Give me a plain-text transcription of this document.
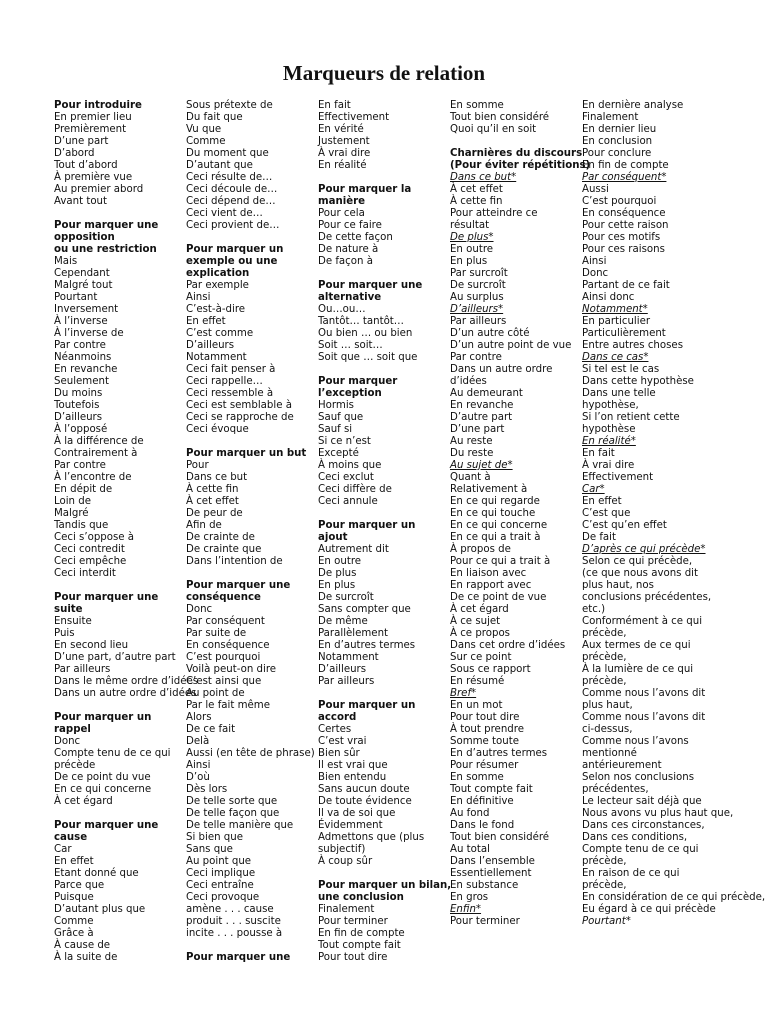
Marqueurs de relation
Pour introduire
En premier lieu
Premièrement
D’une part
D’abord
Tout d’abord
À première vue
Au premier abord
Avant tout
Pour marquer une
opposition
ou une restriction
Mais
Cependant
Malgré tout
Pourtant
Inversement
À l’inverse
À l’inverse de
Par contre
Néanmoins
En revanche
Seulement
Du moins
Toutefois
D’ailleurs
À l’opposé
À la différence de
Contrairement à
Par contre
À l’encontre de
En dépit de
Loin de
Malgré
Tandis que
Ceci s’oppose à
Ceci contredit
Ceci empêche
Ceci interdit
Pour marquer une
suite
Ensuite
Puis
En second lieu
D’une part, d’autre part
Par ailleurs
Dans le même ordre d’idées
Dans un autre ordre d’idées
Pour marquer un
rappel
Donc
Compte tenu de ce qui
précède
De ce point du vue
En ce qui concerne
À cet égard
Pour marquer une
cause
Car
En effet
Etant donné que
Parce que
Puisque
D’autant plus que
Comme
Grâce à
À cause de
À la suite de
Sous prétexte de
Du fait que
Vu que
Comme
Du moment que
D’autant que
Ceci résulte de…
Ceci découle de…
Ceci dépend de…
Ceci vient de…
Ceci provient de…
Pour marquer un
exemple ou une
explication
Par exemple
Ainsi
C’est-à-dire
En effet
C’est comme
D’ailleurs
Notamment
Ceci fait penser à
Ceci rappelle…
Ceci ressemble à
Ceci est semblable à
Ceci se rapproche de
Ceci évoque
Pour marquer un but
Pour
Dans ce but
À cette fin
À cet effet
De peur de
Afin de
De crainte de
De crainte que
Dans l’intention de
Pour marquer une
conséquence
Donc
Par conséquent
Par suite de
En conséquence
C’est pourquoi
Voilà peut-on dire
C’est ainsi que
Au point de
Par le fait même
Alors
De ce fait
Delà
Aussi (en tête de phrase)
Ainsi
D’où
Dès lors
De telle sorte que
De telle façon que
De telle manière que
Si bien que
Sans que
Au point que
Ceci implique
Ceci entraîne
Ceci provoque
amène . . . cause
produit . . . suscite
incite . . . pousse à
Pour marquer une
En fait
Effectivement
En vérité
Justement
À vrai dire
En réalité
Pour marquer la
manière
Pour cela
Pour ce faire
De cette façon
De nature à
De façon à
Pour marquer une
alternative
Ou…ou…
Tantôt… tantôt…
Ou bien … ou bien
Soit … soit…
Soit que … soit que
Pour marquer
l’exception
Hormis
Sauf que
Sauf si
Si ce n’est
Excepté
À moins que
Ceci exclut
Ceci diffère de
Ceci annule
Pour marquer un
ajout
Autrement dit
En outre
De plus
En plus
De surcroît
Sans compter que
De même
Parallèlement
En d’autres termes
Notamment
D’ailleurs
Par ailleurs
Pour marquer un
accord
Certes
C’est vrai
Bien sûr
Il est vrai que
Bien entendu
Sans aucun doute
De toute évidence
Il va de soi que
Évidemment
Admettons que (plus
subjectif)
À coup sûr
Pour marquer un bilan,
une conclusion
Finalement
Pour terminer
En fin de compte
Tout compte fait
Pour tout dire
En somme
Tout bien considéré
Quoi qu’il en soit
Charnières du discours
(Pour éviter répétitions)
Dans ce but*
À cet effet
À cette fin
Pour atteindre ce
résultat
De plus*
En outre
En plus
Par surcroît
De surcroît
Au surplus
D’ailleurs*
Par ailleurs
D’un autre côté
D’un autre point de vue
Par contre
Dans un autre ordre
d’idées
Au demeurant
En revanche
D’autre part
D’une part
Au reste
Du reste
Au sujet de*
Quant à
Relativement à
En ce qui regarde
En ce qui touche
En ce qui concerne
En ce qui a trait à
À propos de
Pour ce qui a trait à
En liaison avec
En rapport avec
De ce point de vue
À cet égard
À ce sujet
À ce propos
Dans cet ordre d’idées
Sur ce point
Sous ce rapport
En résumé
Bref*
En un mot
Pour tout dire
À tout prendre
Somme toute
En d’autres termes
Pour résumer
En somme
Tout compte fait
En définitive
Au fond
Dans le fond
Tout bien considéré
Au total
Dans l’ensemble
Essentiellement
En substance
En gros
Enfin*
Pour terminer
En dernière analyse
Finalement
En dernier lieu
En conclusion
Pour conclure
En fin de compte
Par conséquent*
Aussi
C’est pourquoi
En conséquence
Pour cette raison
Pour ces motifs
Pour ces raisons
Ainsi
Donc
Partant de ce fait
Ainsi donc
Notamment*
En particulier
Particulièrement
Entre autres choses
Dans ce cas*
Si tel est le cas
Dans cette hypothèse
Dans une telle
hypothèse,
Si l’on retient cette
hypothèse
En réalité*
En fait
À vrai dire
Effectivement
Car*
En effet
C’est que
C’est qu’en effet
De fait
D’après ce qui précède*
Selon ce qui précède,
(ce que nous avons dit
plus haut, nos
conclusions précédentes,
etc.)
Conformément à ce qui
précède,
Aux termes de ce qui
précède,
À la lumière de ce qui
précède,
Comme nous l’avons dit
plus haut,
Comme nous l’avons dit
ci-dessus,
Comme nous l’avons
mentionné
antérieurement
Selon nos conclusions
précédentes,
Le lecteur sait déjà que
Nous avons vu plus haut que,
Dans ces circonstances,
Dans ces conditions,
Compte tenu de ce qui
précède,
En raison de ce qui
précède,
En considération de ce qui précède,
Eu égard à ce qui précède
Pourtant*
